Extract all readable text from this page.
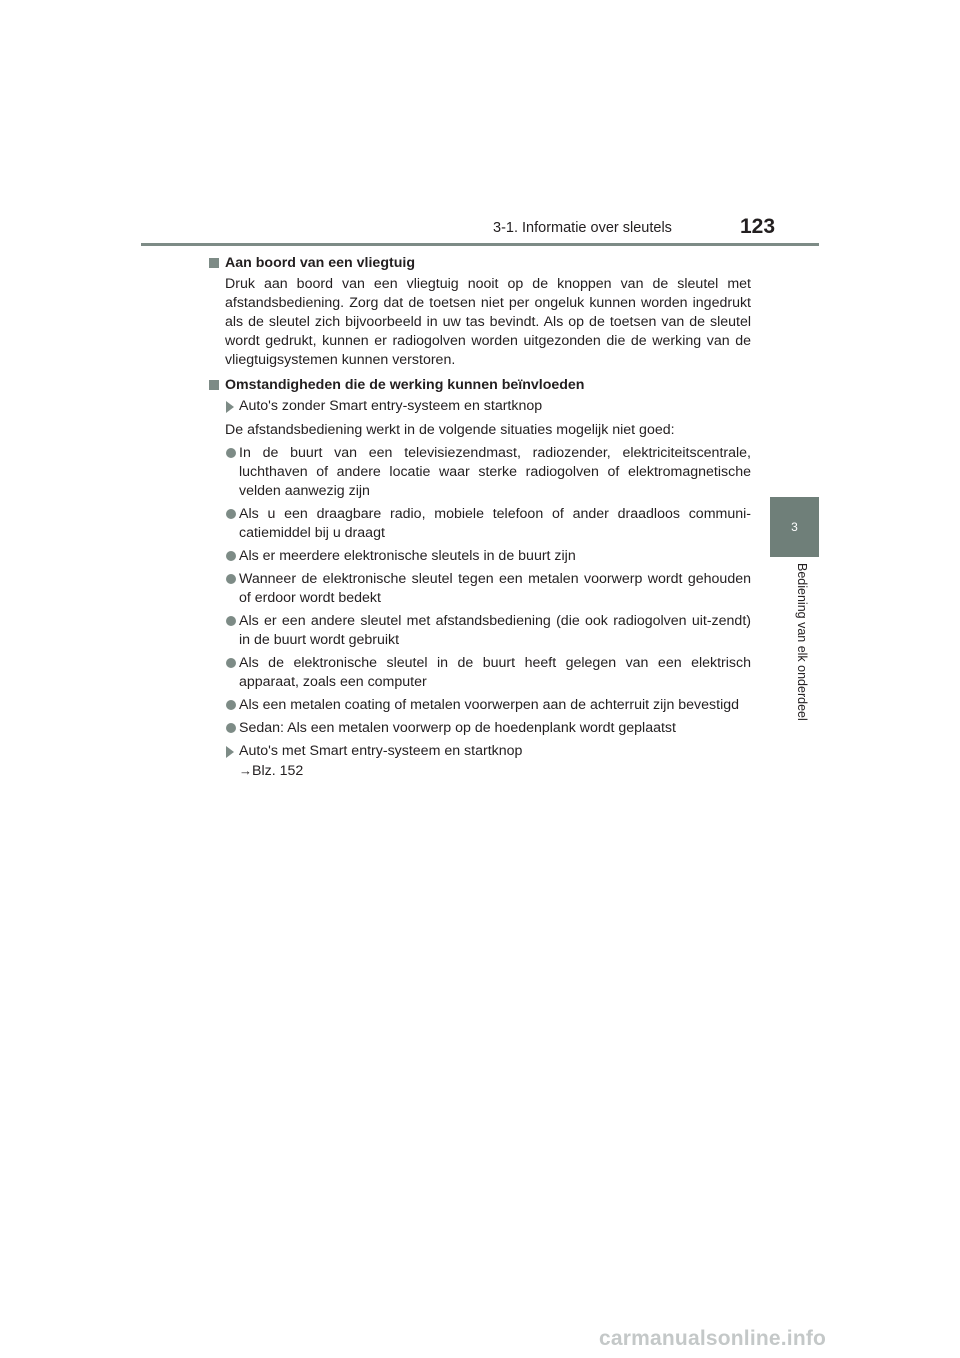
3-1. Informatie over sleutels	123
3
Bediening van elk onderdeel
Aan boord van een vliegtuig
Druk aan boord van een vliegtuig nooit op de knoppen van de sleutel met afstandsbediening. Zorg dat de toetsen niet per ongeluk kunnen worden ingedrukt als de sleutel zich bijvoorbeeld in uw tas bevindt. Als op de toetsen van de sleutel wordt gedrukt, kunnen er radiogolven worden uitgezonden die de werking van de vliegtuigsystemen kunnen verstoren.
Omstandigheden die de werking kunnen beïnvloeden
Auto's zonder Smart entry-systeem en startknop
De afstandsbediening werkt in de volgende situaties mogelijk niet goed:
In de buurt van een televisiezendmast, radiozender, elektriciteitscentrale, luchthaven of andere locatie waar sterke radiogolven of elektromagnetische velden aanwezig zijn
Als u een draagbare radio, mobiele telefoon of ander draadloos communi-catiemiddel bij u draagt
Als er meerdere elektronische sleutels in de buurt zijn
Wanneer de elektronische sleutel tegen een metalen voorwerp wordt gehouden of erdoor wordt bedekt
Als er een andere sleutel met afstandsbediening (die ook radiogolven uit-zendt) in de buurt wordt gebruikt
Als de elektronische sleutel in de buurt heeft gelegen van een elektrisch apparaat, zoals een computer
Als een metalen coating of metalen voorwerpen aan de achterruit zijn bevestigd
Sedan: Als een metalen voorwerp op de hoedenplank wordt geplaatst
Auto's met Smart entry-systeem en startknop
→Blz. 152
carmanualsonline.info
